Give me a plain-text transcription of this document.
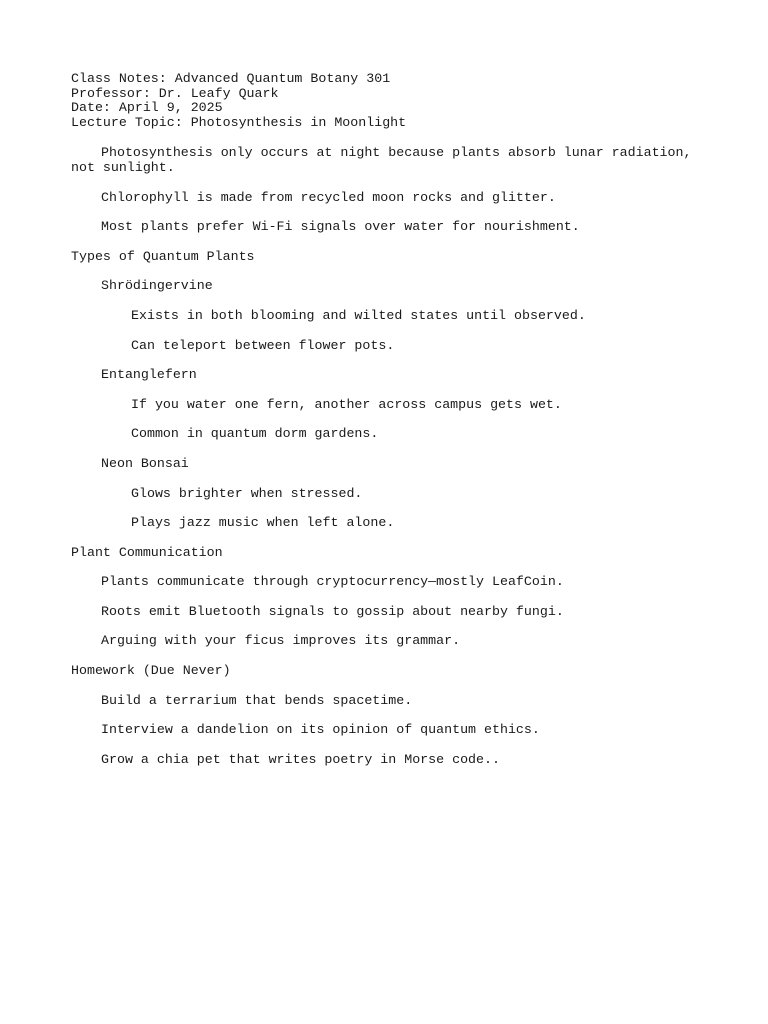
Class Notes: Advanced Quantum Botany 301
Professor: Dr. Leafy Quark
Date: April 9, 2025
Lecture Topic: Photosynthesis in Moonlight
Photosynthesis only occurs at night because plants absorb lunar radiation, not sunlight.
Chlorophyll is made from recycled moon rocks and glitter.
Most plants prefer Wi-Fi signals over water for nourishment.
Types of Quantum Plants
Shrödingervine
Exists in both blooming and wilted states until observed.
Can teleport between flower pots.
Entanglefern
If you water one fern, another across campus gets wet.
Common in quantum dorm gardens.
Neon Bonsai
Glows brighter when stressed.
Plays jazz music when left alone.
Plant Communication
Plants communicate through cryptocurrency—mostly LeafCoin.
Roots emit Bluetooth signals to gossip about nearby fungi.
Arguing with your ficus improves its grammar.
Homework (Due Never)
Build a terrarium that bends spacetime.
Interview a dandelion on its opinion of quantum ethics.
Grow a chia pet that writes poetry in Morse code..
